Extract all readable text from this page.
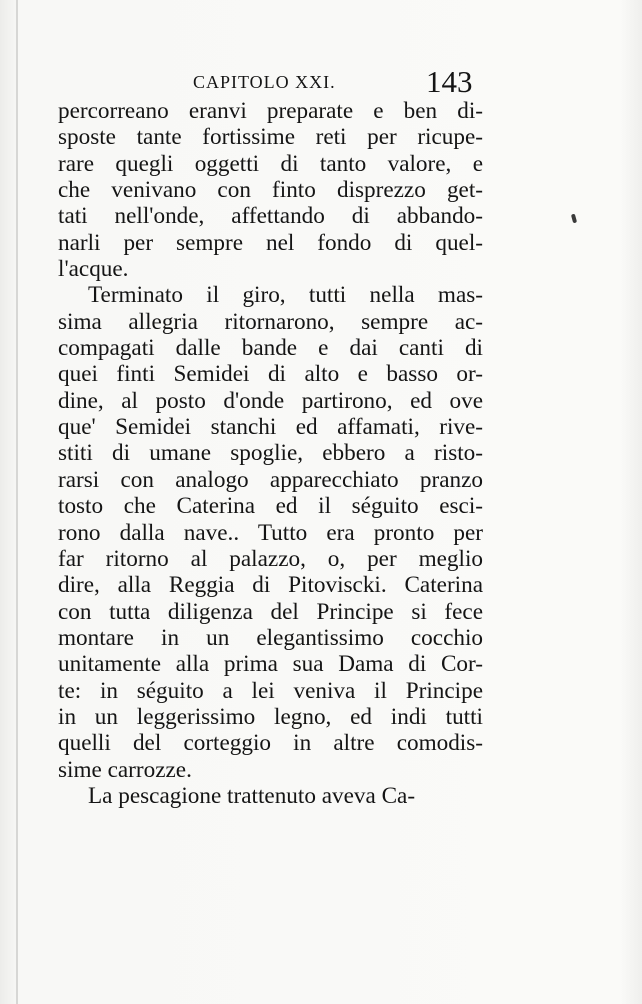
CAPITOLO XXI.	143
percorreano eranvi preparate e ben di-
sposte tante fortissime reti per ricupe-
rare quegli oggetti di tanto valore, e
che venivano con finto disprezzo get-
tati nell'onde, affettando di abbando-
narli per sempre nel fondo di quel-
l'acque.
Terminato il giro, tutti nella mas-
sima allegria ritornarono, sempre ac-
compagati dalle bande e dai canti di
quei finti Semidei di alto e basso or-
dine, al posto d'onde partirono, ed ove
que' Semidei stanchi ed affamati, rive-
stiti di umane spoglie, ebbero a risto-
rarsi con analogo apparecchiato pranzo
tosto che Caterina ed il séguito esci-
rono dalla nave.. Tutto era pronto per
far ritorno al palazzo, o, per meglio
dire, alla Reggia di Pitoviscki. Caterina
con tutta diligenza del Principe si fece
montare in un elegantissimo cocchio
unitamente alla prima sua Dama di Cor-
te: in séguito a lei veniva il Principe
in un leggerissimo legno, ed indi tutti
quelli del corteggio in altre comodis-
sime carrozze.
La pescagione trattenuto aveva Ca-
